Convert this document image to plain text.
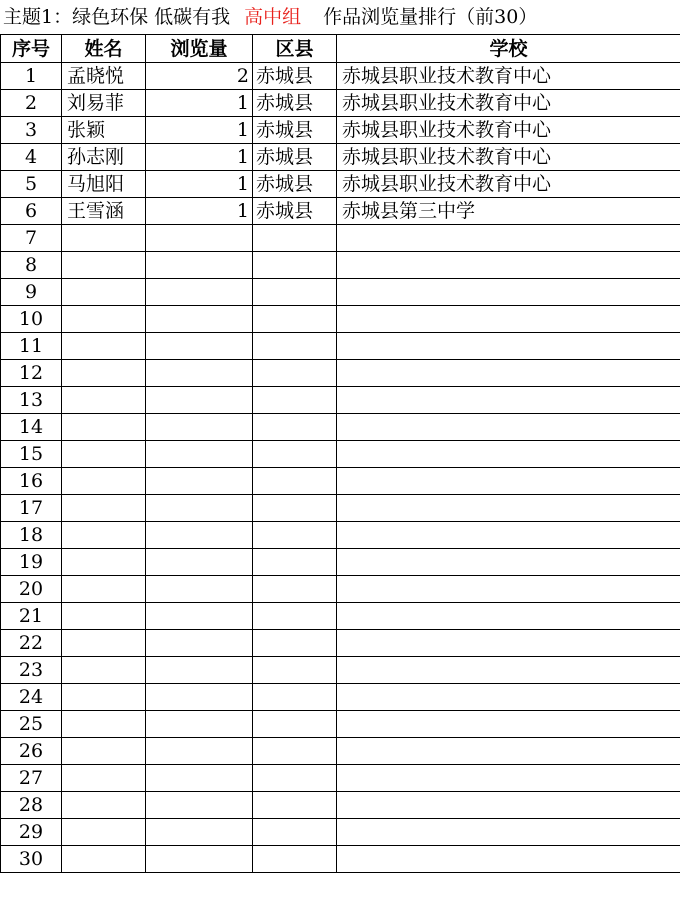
主题1：绿色环保 低碳有我 高中组 作品浏览量排行（前30）
序号	姓名	浏览量	区县	学校
1	孟晓悦	2	赤城县	赤城县职业技术教育中心
2	刘易菲	1	赤城县	赤城县职业技术教育中心
3	张颖	1	赤城县	赤城县职业技术教育中心
4	孙志刚	1	赤城县	赤城县职业技术教育中心
5	马旭阳	1	赤城县	赤城县职业技术教育中心
6	王雪涵	1	赤城县	赤城县第三中学
7				
8				
9				
10				
11				
12				
13				
14				
15				
16				
17				
18				
19				
20				
21				
22				
23				
24				
25				
26				
27				
28				
29				
30				
